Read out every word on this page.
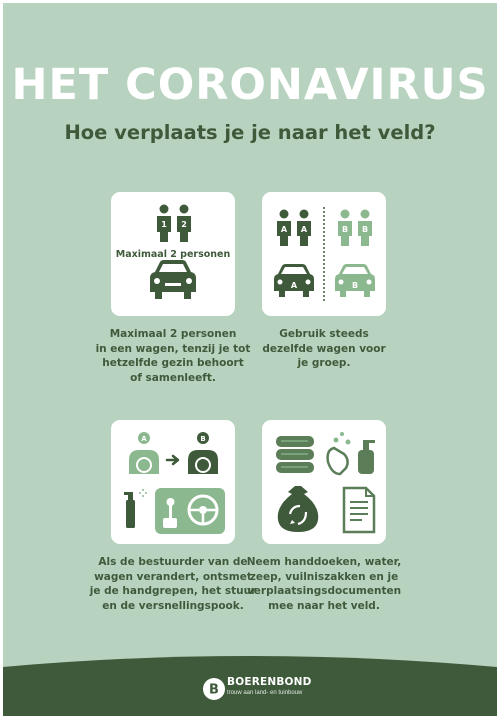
HET CORONAVIRUS
Hoe verplaats je je naar het veld?
1 2
Maximaal 2 personen
Maximaal 2 personen
in een wagen, tenzij je tot
hetzelfde gezin behoort
of samenleeft.
A A	B B
A	B
Gebruik steeds
dezelfde wagen voor
je groep.
A	B
Als de bestuurder van de
wagen verandert, ontsmet
je de handgrepen, het stuur
en de versnellingspook.
Neem handdoeken, water,
zeep, vuilniszakken en je
verplaatsingsdocumenten
mee naar het veld.
B
BOERENBOND
trouw aan land- en tuinbouw
